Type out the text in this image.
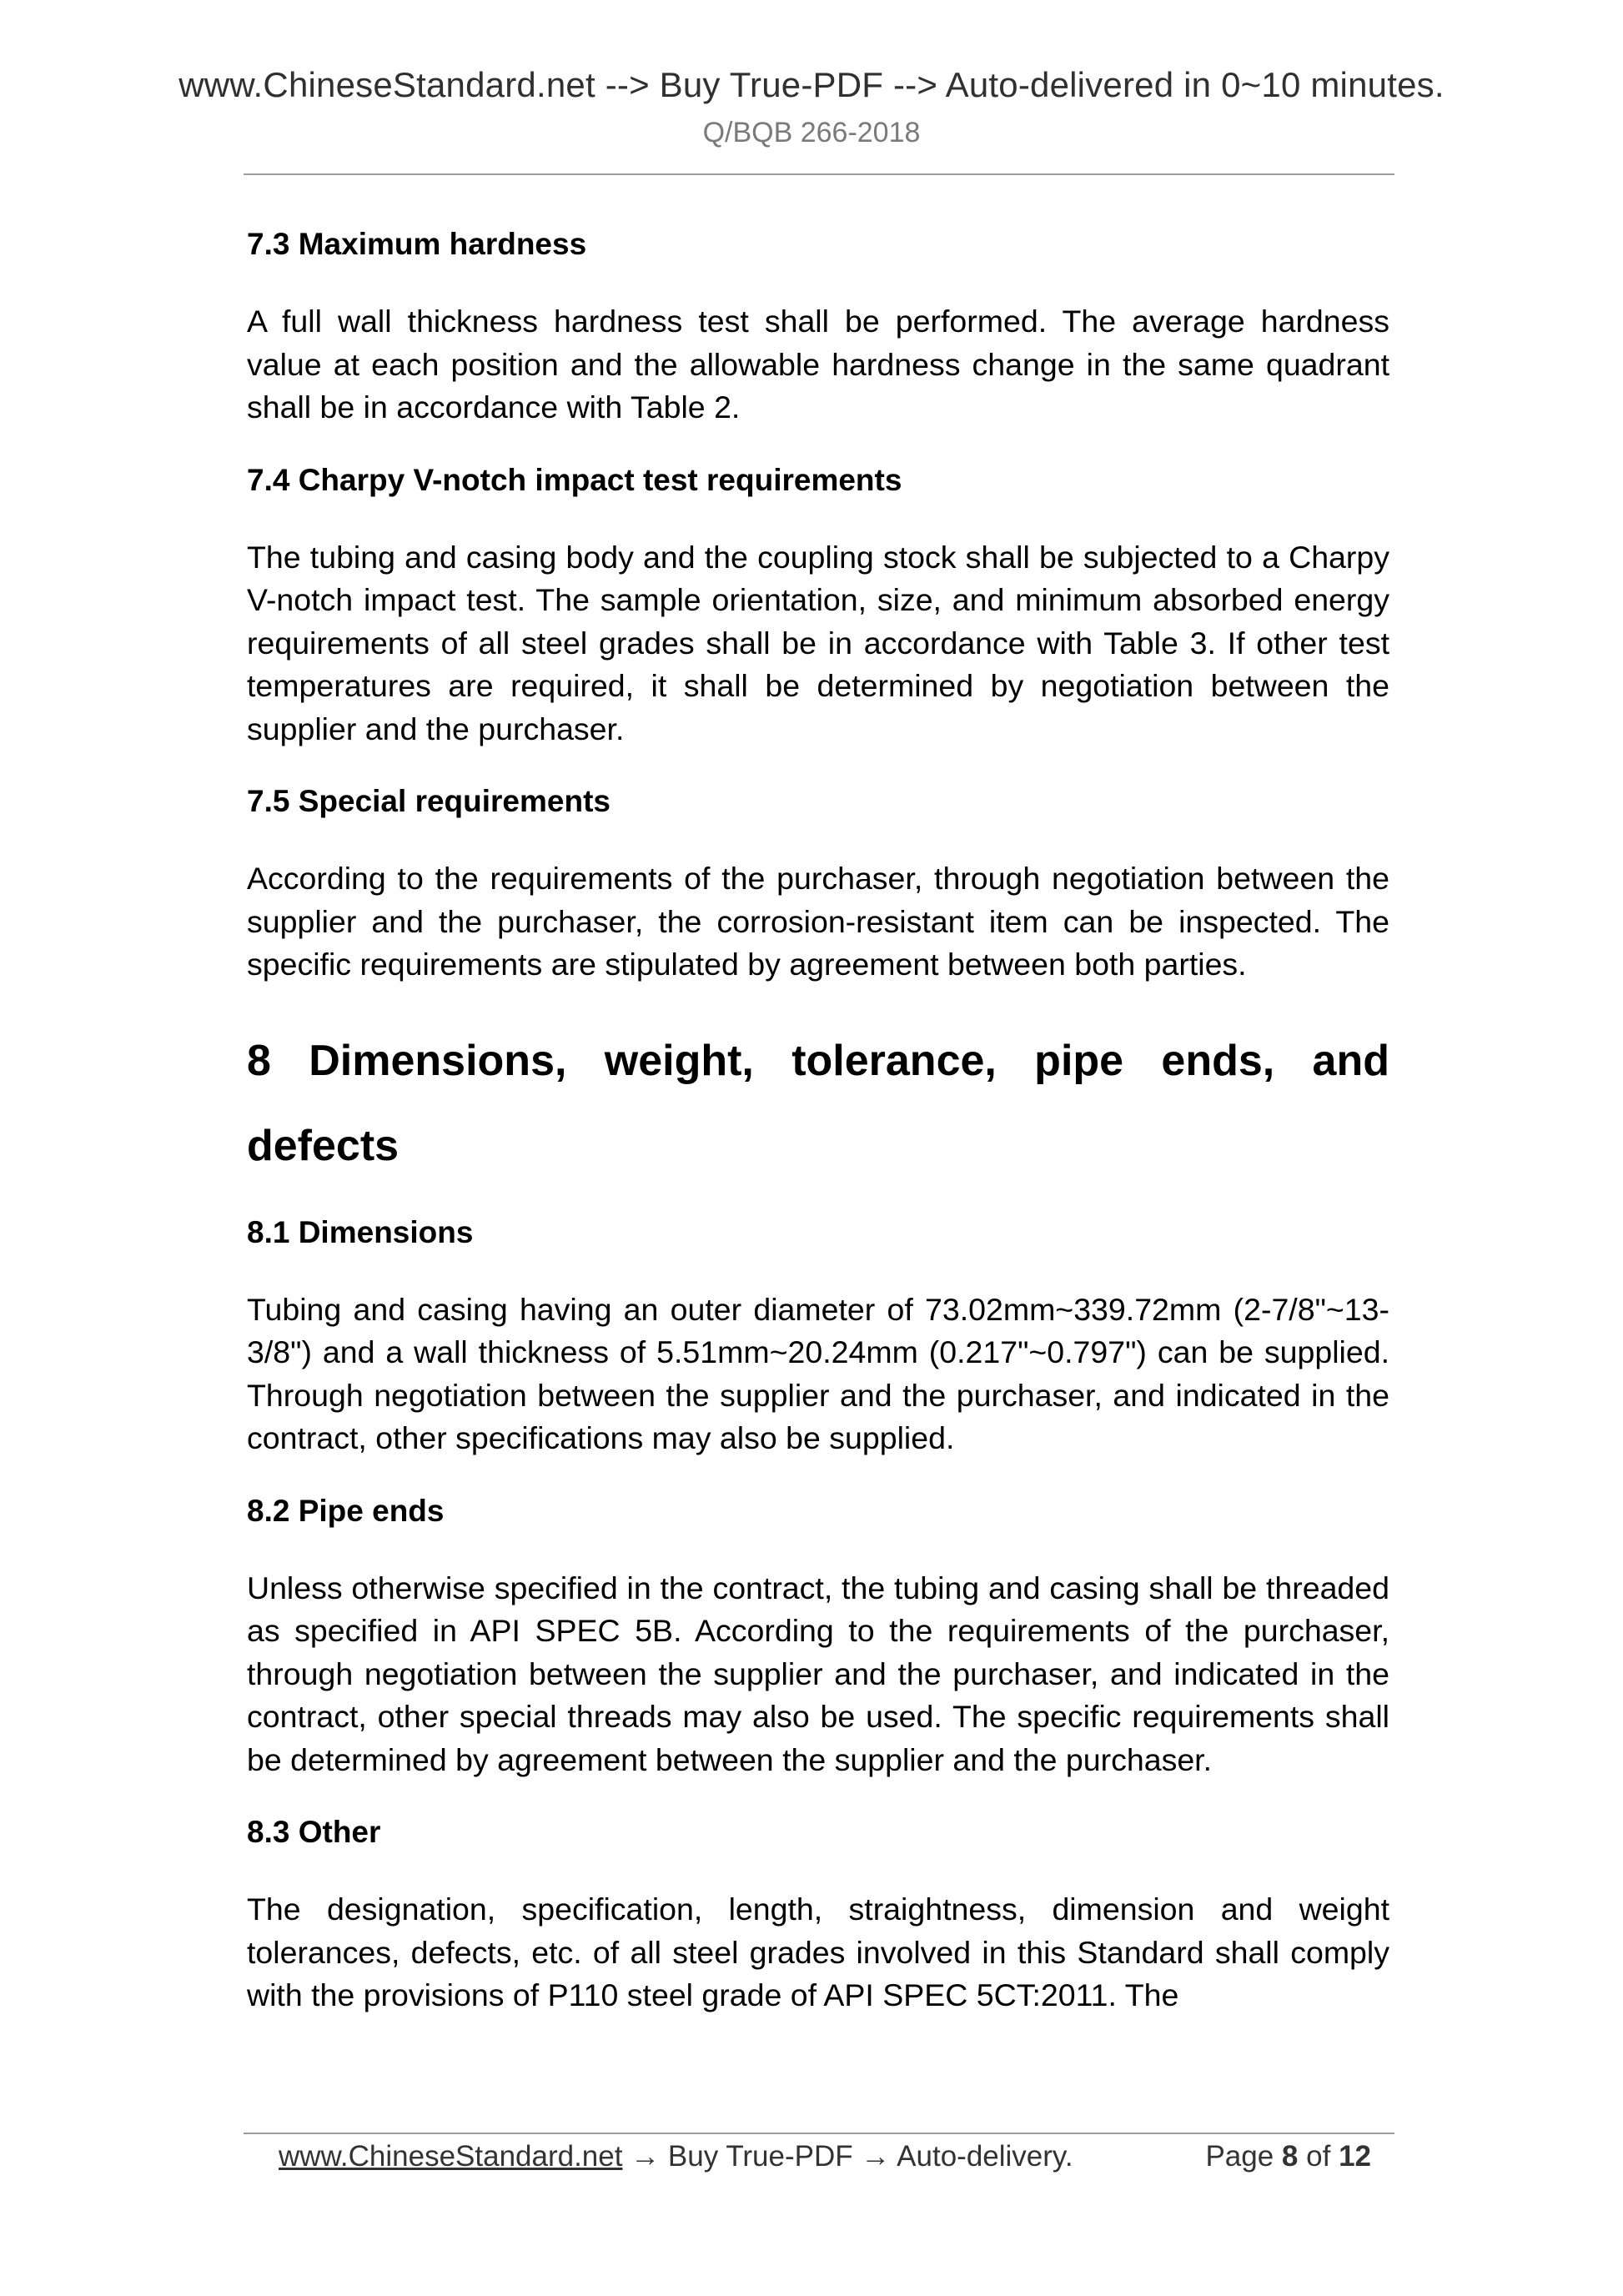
www.ChineseStandard.net --> Buy True-PDF --> Auto-delivered in 0~10 minutes.
Q/BQB 266-2018
7.3 Maximum hardness
A full wall thickness hardness test shall be performed. The average hardness value at each position and the allowable hardness change in the same quadrant shall be in accordance with Table 2.
7.4 Charpy V-notch impact test requirements
The tubing and casing body and the coupling stock shall be subjected to a Charpy V-notch impact test. The sample orientation, size, and minimum absorbed energy requirements of all steel grades shall be in accordance with Table 3. If other test temperatures are required, it shall be determined by negotiation between the supplier and the purchaser.
7.5 Special requirements
According to the requirements of the purchaser, through negotiation between the supplier and the purchaser, the corrosion-resistant item can be inspected. The specific requirements are stipulated by agreement between both parties.
8 Dimensions, weight, tolerance, pipe ends, and
defects
8.1 Dimensions
Tubing and casing having an outer diameter of 73.02mm~339.72mm (2-7/8"~13-3/8") and a wall thickness of 5.51mm~20.24mm (0.217"~0.797") can be supplied. Through negotiation between the supplier and the purchaser, and indicated in the contract, other specifications may also be supplied.
8.2 Pipe ends
Unless otherwise specified in the contract, the tubing and casing shall be threaded as specified in API SPEC 5B. According to the requirements of the purchaser, through negotiation between the supplier and the purchaser, and indicated in the contract, other special threads may also be used. The specific requirements shall be determined by agreement between the supplier and the purchaser.
8.3 Other
The designation, specification, length, straightness, dimension and weight tolerances, defects, etc. of all steel grades involved in this Standard shall comply with the provisions of P110 steel grade of API SPEC 5CT:2011. The
www.ChineseStandard.net → Buy True-PDF → Auto-delivery.	Page 8 of 12
